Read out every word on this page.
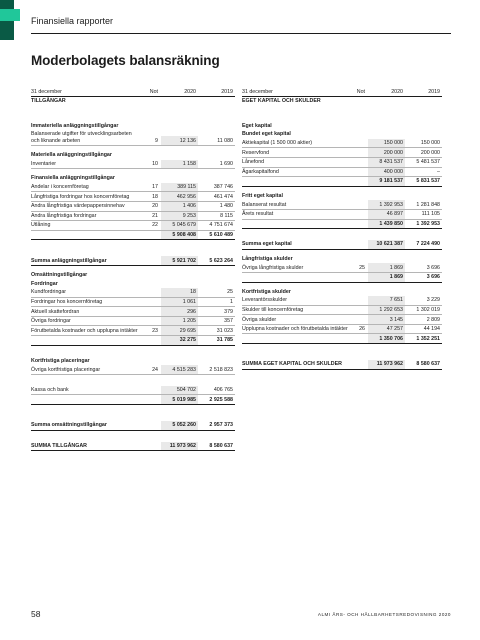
Finansiella rapporter
Moderbolagets balansräkning
31 december	Not	2020	2019
TILLGÅNGAR
Immateriella anläggningstillgångar
Balanserade utgifter för utvecklingsarbeten och liknande arbeten	9	12 136	11 080
Materiella anläggningstillgångar
Inventarier	10	1 158	1 690
Finansiella anläggningstillgångar
Andelar i koncernföretag	17	389 115	387 746
Långfristiga fordringar hos koncernföretag	18	462 956	461 474
Andra långfristiga värdepappersinnehav	20	1 406	1 480
Andra långfristiga fordringar	21	9 253	8 115
Utlåning	22	5 045 679	4 751 674
5 908 408	5 610 489
Summa anläggningstillgångar	5 921 702	5 623 264
Omsättningstillgångar
Fordringar
Kundfordringar	18	25
Fordringar hos koncernföretag	1 061	1
Aktuell skattefordran	296	379
Övriga fordringar	1 205	357
Förutbetalda kostnader och upplupna intäkter	23	29 695	31 023
32 275	31 785
Kortfristiga placeringar
Övriga kortfristiga placeringar	24	4 515 283	2 518 823
Kassa och bank	504 702	406 765
5 019 985	2 925 588
Summa omsättningstillgångar	5 052 260	2 957 373
SUMMA TILLGÅNGAR	11 973 962	8 580 637
31 december	Not	2020	2019
EGET KAPITAL OCH SKULDER
Eget kapital
Bundet eget kapital
Aktiekapital (1 500 000 aktier)	150 000	150 000
Reservfond	200 000	200 000
Lånefond	8 431 537	5 481 537
Ägarkapitalfond	400 000	–
9 181 537	5 831 537
Fritt eget kapital
Balanserat resultat	1 392 953	1 281 848
Årets resultat	46 897	111 105
1 439 850	1 392 953
Summa eget kapital	10 621 387	7 224 490
Långfristiga skulder
Övriga långfristiga skulder	25	1 869	3 696
1 869	3 696
Kortfristiga skulder
Leverantörsskulder	7 651	3 229
Skulder till koncernföretag	1 292 653	1 302 019
Övriga skulder	3 145	2 809
Upplupna kostnader och förutbetalda intäkter	26	47 257	44 194
1 350 706	1 352 251
SUMMA EGET KAPITAL OCH SKULDER	11 973 962	8 580 637
58	ALMI ÅRS- OCH HÅLLBARHETSREDOVISNING 2020
